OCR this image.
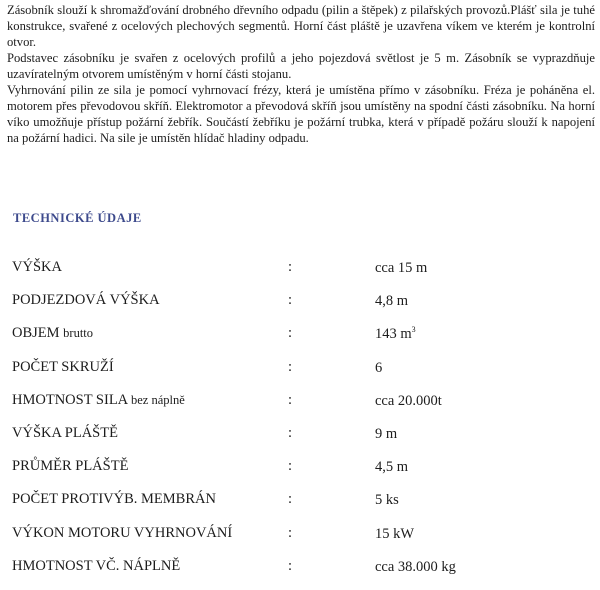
Zásobník slouží k shromažďování drobného dřevního odpadu (pilin a štěpek) z pilařských provozů.Plášť sila je tuhé konstrukce, svařené z ocelových plechových segmentů. Horní část pláště je uzavřena víkem ve kterém je kontrolní otvor.

Podstavec zásobníku je svařen z ocelových profilů a jeho pojezdová světlost je 5 m. Zásobník se vyprazdňuje uzavíratelným otvorem umístěným v horní části stojanu.

Vyhrnování pilin ze sila je pomocí vyhrnovací frézy, která je umístěna přímo v zásobníku. Fréza je poháněna el. motorem přes převodovou skříň. Elektromotor a převodová skříň jsou umístěny na spodní části zásobníku. Na horní víko umožňuje přístup požární žebřík. Součástí žebříku je požární trubka, která v případě požáru slouží k napojení na požární hadici. Na sile je umístěn hlídač hladiny odpadu.

TECHNICKÉ ÚDAJE
VÝŠKA	:	cca 15 m
PODJEZDOVÁ VÝŠKA	:	4,8 m
OBJEM brutto	:	143 $m^3$
POČET SKRUŽÍ	:	6
HMOTNOST SILA bez náplně	:	cca 20.000t
VÝŠKA PLÁŠTĚ	:	9 m
PRŮMĚR PLÁŠTĚ	:	4,5 m
POČET PROTIVÝB. MEMBRÁN	:	5 ks
VÝKON MOTORU VYHRNOVÁNÍ	:	15 kW
HMOTNOST VČ. NÁPLNĚ	:	cca 38.000 kg
